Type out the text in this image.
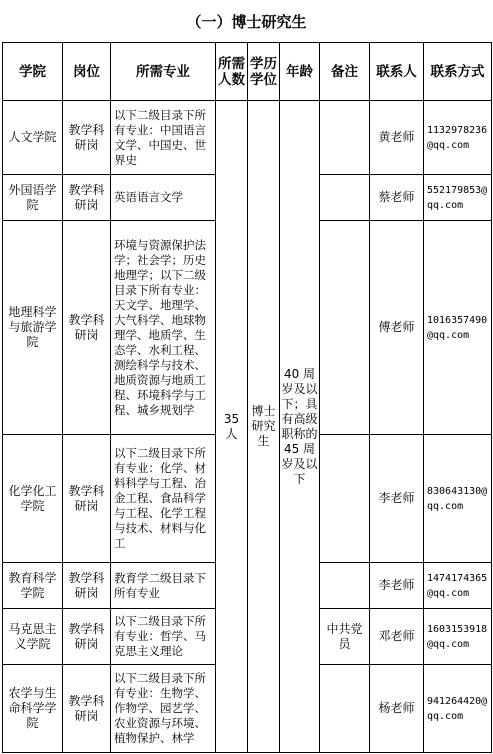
（一）博士研究生
学院	岗位	所需专业	所需人数	学历学位	年龄	备注	联系人	联系方式
人文学院	教学科研岗	以下二级目录下所有专业：中国语言文学、中国史、世界史	35 人	博士研究生	40 周岁及以下；具有高级职称的 45 周岁及以下		黄老师	1132978236@qq.com
外国语学院	教学科研岗	英语语言文学					蔡老师	552179853@qq.com
地理科学与旅游学院	教学科研岗	环境与资源保护法学；社会学；历史地理学；以下二级目录下所有专业：天文学、地理学、大气科学、地球物理学、地质学、生态学、水利工程、测绘科学与技术、地质资源与地质工程、环境科学与工程、城乡规划学					傅老师	1016357490@qq.com
化学化工学院	教学科研岗	以下二级目录下所有专业：化学、材料科学与工程、冶金工程、食品科学与工程、化学工程与技术、材料与化工					李老师	830643130@qq.com
教育科学学院	教学科研岗	教育学二级目录下所有专业					李老师	1474174365@qq.com
马克思主义学院	教学科研岗	以下二级目录下所有专业：哲学、马克思主义理论				中共党员	邓老师	1603153918@qq.com
农学与生命科学学院	教学科研岗	以下二级目录下所有专业：生物学、作物学、园艺学、农业资源与环境、植物保护、林学					杨老师	941264420@qq.com
